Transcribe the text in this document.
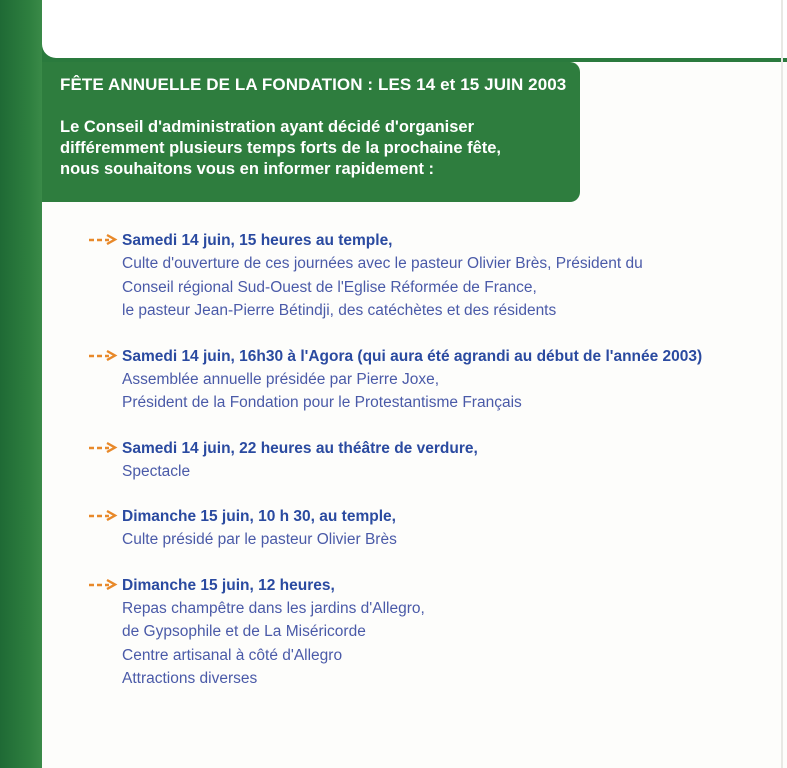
FÊTE ANNUELLE DE LA FONDATION : LES 14 et 15 JUIN 2003
Le Conseil d'administration ayant décidé d'organiser
différemment plusieurs temps forts de la prochaine fête,
nous souhaitons vous en informer rapidement :
Samedi 14 juin, 15 heures au temple,
Culte d'ouverture de ces journées avec le pasteur Olivier Brès, Président du
Conseil régional Sud-Ouest de l'Eglise Réformée de France,
le pasteur Jean-Pierre Bétindji, des catéchètes et des résidents
Samedi 14 juin, 16h30 à l'Agora (qui aura été agrandi au début de l'année 2003)
Assemblée annuelle présidée par Pierre Joxe,
Président de la Fondation pour le Protestantisme Français
Samedi 14 juin, 22 heures au théâtre de verdure,
Spectacle
Dimanche 15 juin, 10 h 30, au temple,
Culte présidé par le pasteur Olivier Brès
Dimanche 15 juin, 12 heures,
Repas champêtre dans les jardins d'Allegro,
de Gypsophile et de La Miséricorde
Centre artisanal à côté d'Allegro
Attractions diverses
